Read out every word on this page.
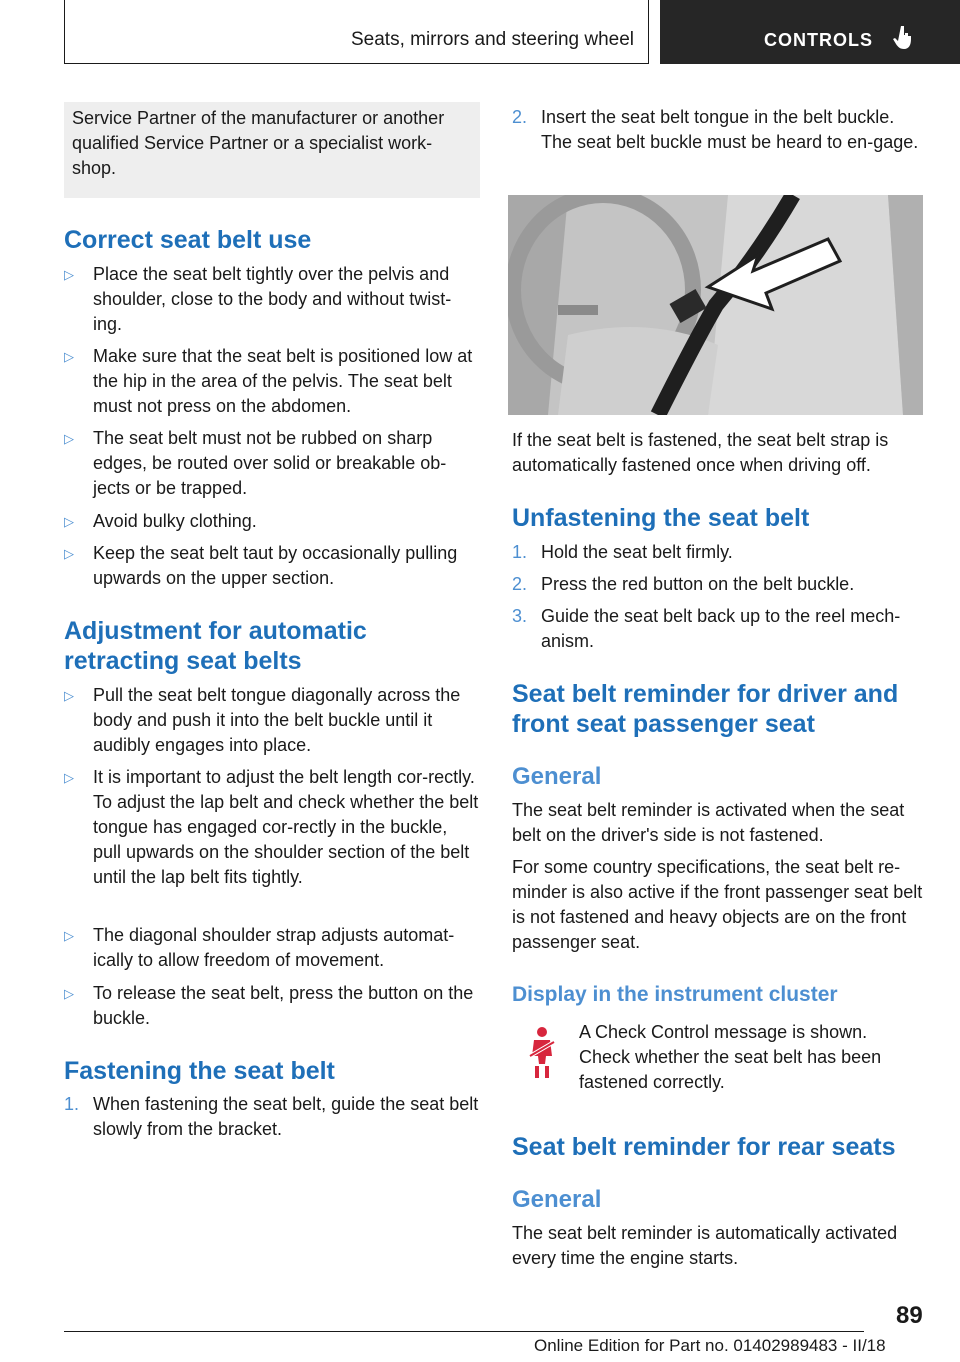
Seats, mirrors and steering wheel	CONTROLS
Service Partner of the manufacturer or another qualified Service Partner or a specialist work-shop.
Correct seat belt use
▷ Place the seat belt tightly over the pelvis and shoulder, close to the body and without twist-ing.
▷ Make sure that the seat belt is positioned low at the hip in the area of the pelvis. The seat belt must not press on the abdomen.
▷ The seat belt must not be rubbed on sharp edges, be routed over solid or breakable ob-jects or be trapped.
▷ Avoid bulky clothing.
▷ Keep the seat belt taut by occasionally pulling upwards on the upper section.
Adjustment for automatic
retracting seat belts
▷ Pull the seat belt tongue diagonally across the body and push it into the belt buckle until it audibly engages into place.
▷ It is important to adjust the belt length cor-rectly. To adjust the lap belt and check whether the belt tongue has engaged cor-rectly in the buckle, pull upwards on the shoulder section of the belt until the lap belt fits tightly.
▷ The diagonal shoulder strap adjusts automat-ically to allow freedom of movement.
▷ To release the seat belt, press the button on the buckle.
Fastening the seat belt
1. When fastening the seat belt, guide the seat belt slowly from the bracket.
2. Insert the seat belt tongue in the belt buckle. The seat belt buckle must be heard to en-gage.
If the seat belt is fastened, the seat belt strap is automatically fastened once when driving off.
Unfastening the seat belt
1. Hold the seat belt firmly.
2. Press the red button on the belt buckle.
3. Guide the seat belt back up to the reel mech-anism.
Seat belt reminder for driver and
front seat passenger seat
General
The seat belt reminder is activated when the seat belt on the driver's side is not fastened.
For some country specifications, the seat belt re-minder is also active if the front passenger seat belt is not fastened and heavy objects are on the front passenger seat.
Display in the instrument cluster
A Check Control message is shown. Check whether the seat belt has been fastened correctly.
Seat belt reminder for rear seats
General
The seat belt reminder is automatically activated every time the engine starts.
89
Online Edition for Part no. 01402989483 - II/18
